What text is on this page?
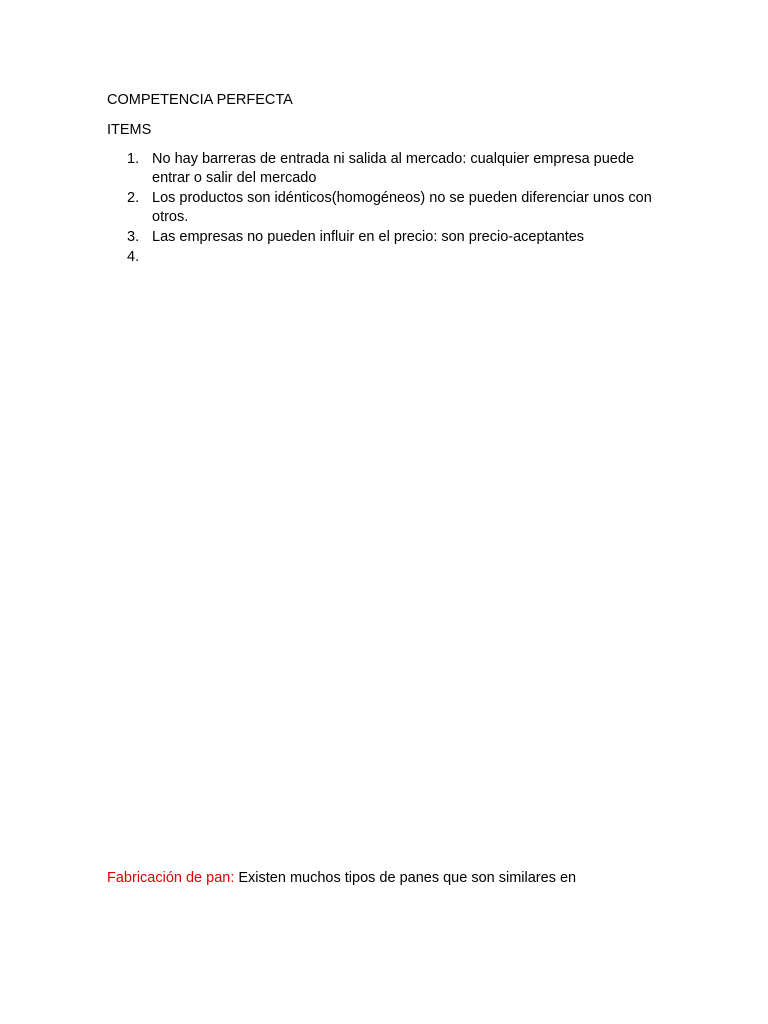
COMPETENCIA PERFECTA
ITEMS
1. No hay barreras de entrada ni salida al mercado: cualquier empresa puede entrar o salir del mercado
2. Los productos son idénticos(homogéneos) no se pueden diferenciar unos con otros.
3. Las empresas no pueden influir en el precio: son precio-aceptantes
4.
Fabricación de pan: Existen muchos tipos de panes que son similares en
